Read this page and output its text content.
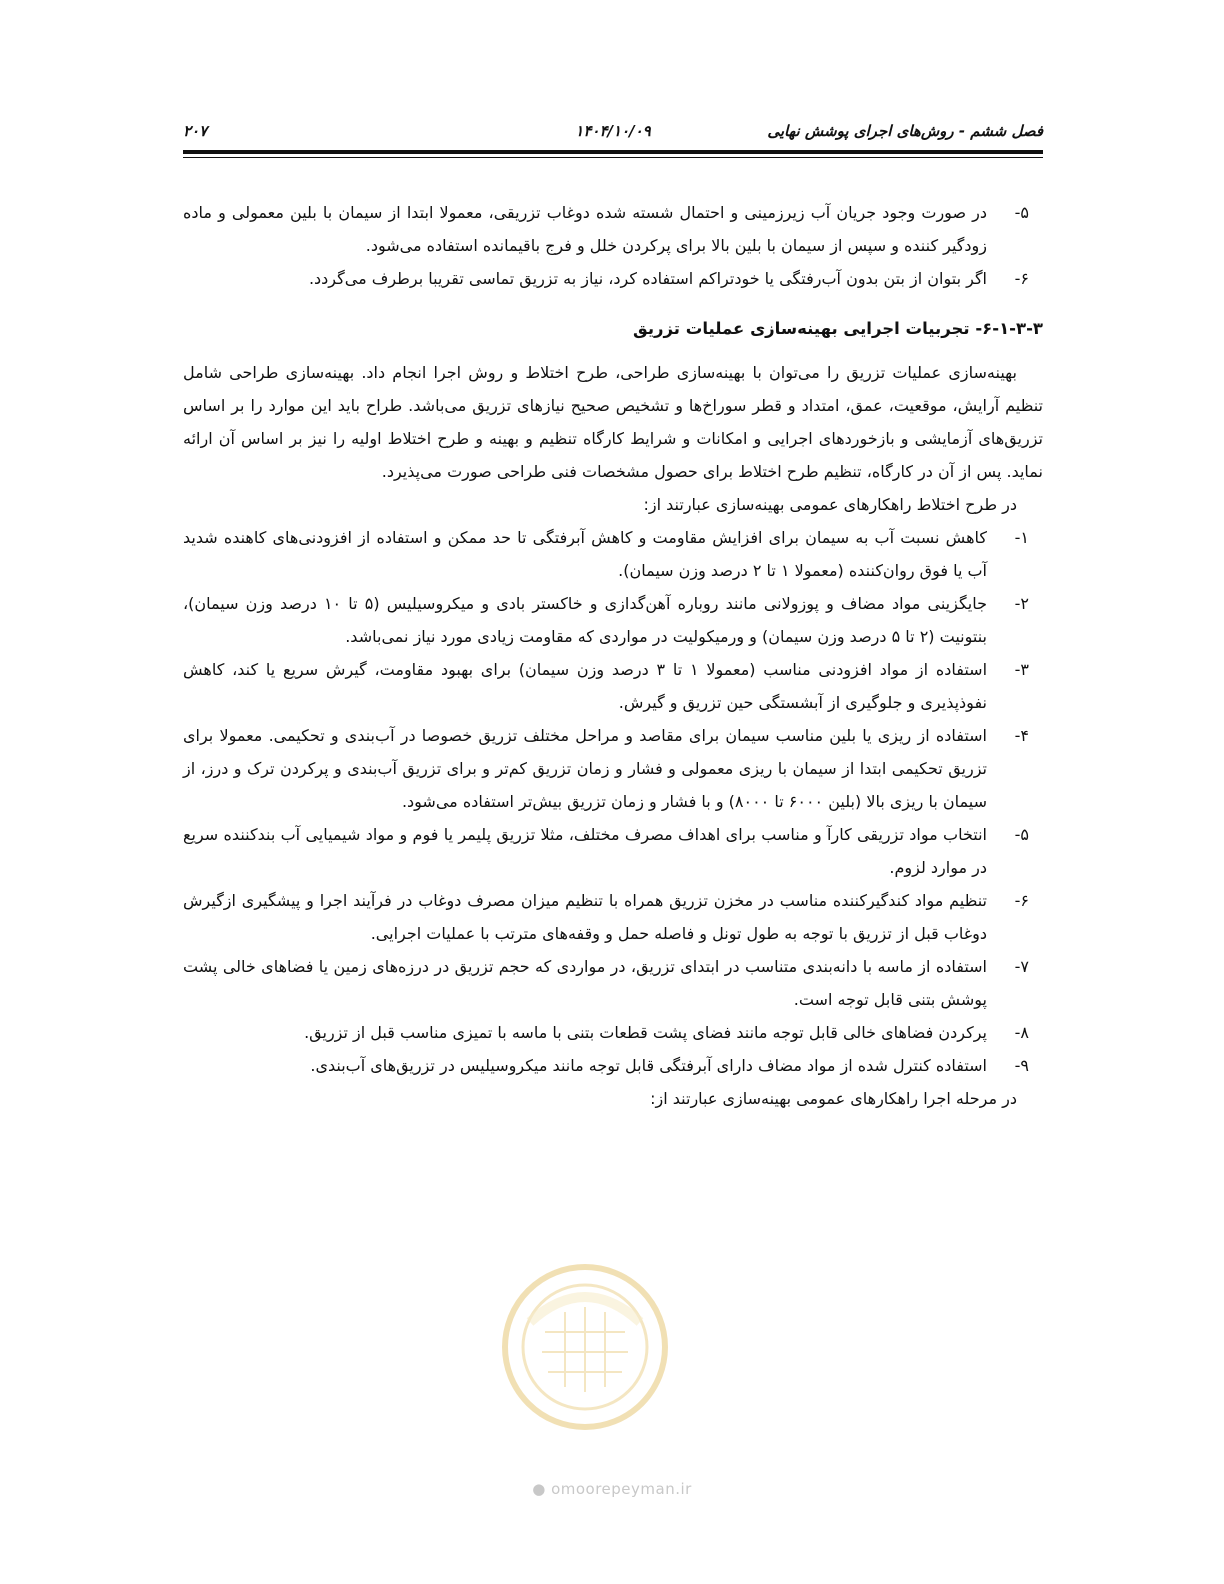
فصل ششم - روش‌های اجرای پوشش نهایی
۱۴۰۴/۱۰/۰۹
۲۰۷
۵-
در صورت وجود جریان آب زیرزمینی و احتمال شسته شده دوغاب تزریقی، معمولا ابتدا از سیمان با بلین معمولی و ماده زودگیر کننده و سپس از سیمان با بلین بالا برای پرکردن خلل و فرج باقیمانده استفاده می‌شود.
۶-
اگر بتوان از بتن بدون آب‌رفتگی یا خودتراکم استفاده کرد، نیاز به تزریق تماسی تقریبا برطرف می‌گردد.
۶-۱-۳-۳- تجربیات اجرایی بهینه‌سازی عملیات تزریق
بهینه‌سازی عملیات تزریق را می‌توان با بهینه‌سازی طراحی، طرح اختلاط و روش اجرا انجام داد. بهینه‌سازی طراحی شامل تنظیم آرایش، موقعیت، عمق، امتداد و قطر سوراخ‌ها و تشخیص صحیح نیازهای تزریق می‌باشد. طراح باید این موارد را بر اساس تزریق‌های آزمایشی و بازخوردهای اجرایی و امکانات و شرایط کارگاه تنظیم و بهینه و طرح اختلاط اولیه را نیز بر اساس آن ارائه نماید. پس از آن در کارگاه، تنظیم طرح اختلاط برای حصول مشخصات فنی طراحی صورت می‌پذیرد.
در طرح اختلاط راهکارهای عمومی بهینه‌سازی عبارتند از:
۱-
کاهش نسبت آب به سیمان برای افزایش مقاومت و کاهش آبرفتگی تا حد ممکن و استفاده از افزودنی‌های کاهنده شدید آب یا فوق روان‌کننده (معمولا ۱ تا ۲ درصد وزن سیمان).
۲-
جایگزینی مواد مضاف و پوزولانی مانند روباره آهن‌گدازی و خاکستر بادی و میکروسیلیس (۵ تا ۱۰ درصد وزن سیمان)، بنتونیت (۲ تا ۵ درصد وزن سیمان) و ورمیکولیت در مواردی که مقاومت زیادی مورد نیاز نمی‌باشد.
۳-
استفاده از مواد افزودنی مناسب (معمولا ۱ تا ۳ درصد وزن سیمان) برای بهبود مقاومت، گیرش سریع یا کند، کاهش نفوذپذیری و جلوگیری از آبشستگی حین تزریق و گیرش.
۴-
استفاده از ریزی یا بلین مناسب سیمان برای مقاصد و مراحل مختلف تزریق خصوصا در آب‌بندی و تحکیمی. معمولا برای تزریق تحکیمی ابتدا از سیمان با ریزی معمولی و فشار و زمان تزریق کم‌تر و برای تزریق آب‌بندی و پرکردن ترک و درز، از سیمان با ریزی بالا (بلین ۶۰۰۰ تا ۸۰۰۰) و با فشار و زمان تزریق بیش‌تر استفاده می‌شود.
۵-
انتخاب مواد تزریقی کارآ و مناسب برای اهداف مصرف مختلف، مثلا تزریق پلیمر یا فوم و مواد شیمیایی آب بندکننده سریع در موارد لزوم.
۶-
تنظیم مواد کندگیرکننده مناسب در مخزن تزریق همراه با تنظیم میزان مصرف دوغاب در فرآیند اجرا و پیشگیری ازگیرش دوغاب قبل از تزریق با توجه به طول تونل و فاصله حمل و وقفه‌های مترتب با عملیات اجرایی.
۷-
استفاده از ماسه با دانه‌بندی متناسب در ابتدای تزریق، در مواردی که حجم تزریق در درزه‌های زمین یا فضاهای خالی پشت پوشش بتنی قابل توجه است.
۸-
پرکردن فضاهای خالی قابل توجه مانند فضای پشت قطعات بتنی با ماسه با تمیزی مناسب قبل از تزریق.
۹-
استفاده کنترل شده از مواد مضاف دارای آبرفتگی قابل توجه مانند میکروسیلیس در تزریق‌های آب‌بندی.
در مرحله اجرا راهکارهای عمومی بهینه‌سازی عبارتند از:
● omoorepeyman.ir
